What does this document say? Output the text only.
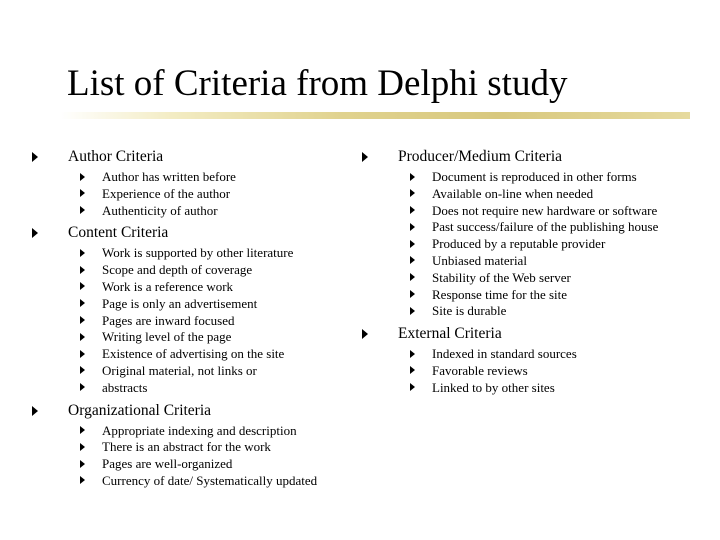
List of Criteria from Delphi study
Author Criteria
Author has written before
Experience of the author
Authenticity of author
Content Criteria
Work is supported by other literature
Scope and depth of coverage
Work is a reference work
Page is only an advertisement
Pages are inward focused
Writing level of the page
Existence of advertising on the site
Original material, not links or
abstracts
Organizational Criteria
Appropriate indexing and description
There is an abstract for the work
Pages are well-organized
Currency of date/ Systematically updated
Producer/Medium Criteria
Document is reproduced in other forms
Available on-line when needed
Does not require new hardware or software
Past success/failure of the publishing house
Produced by a reputable provider
Unbiased material
Stability of the Web server
Response time for the site
Site is durable
External Criteria
Indexed in standard sources
Favorable reviews
Linked to by other sites
